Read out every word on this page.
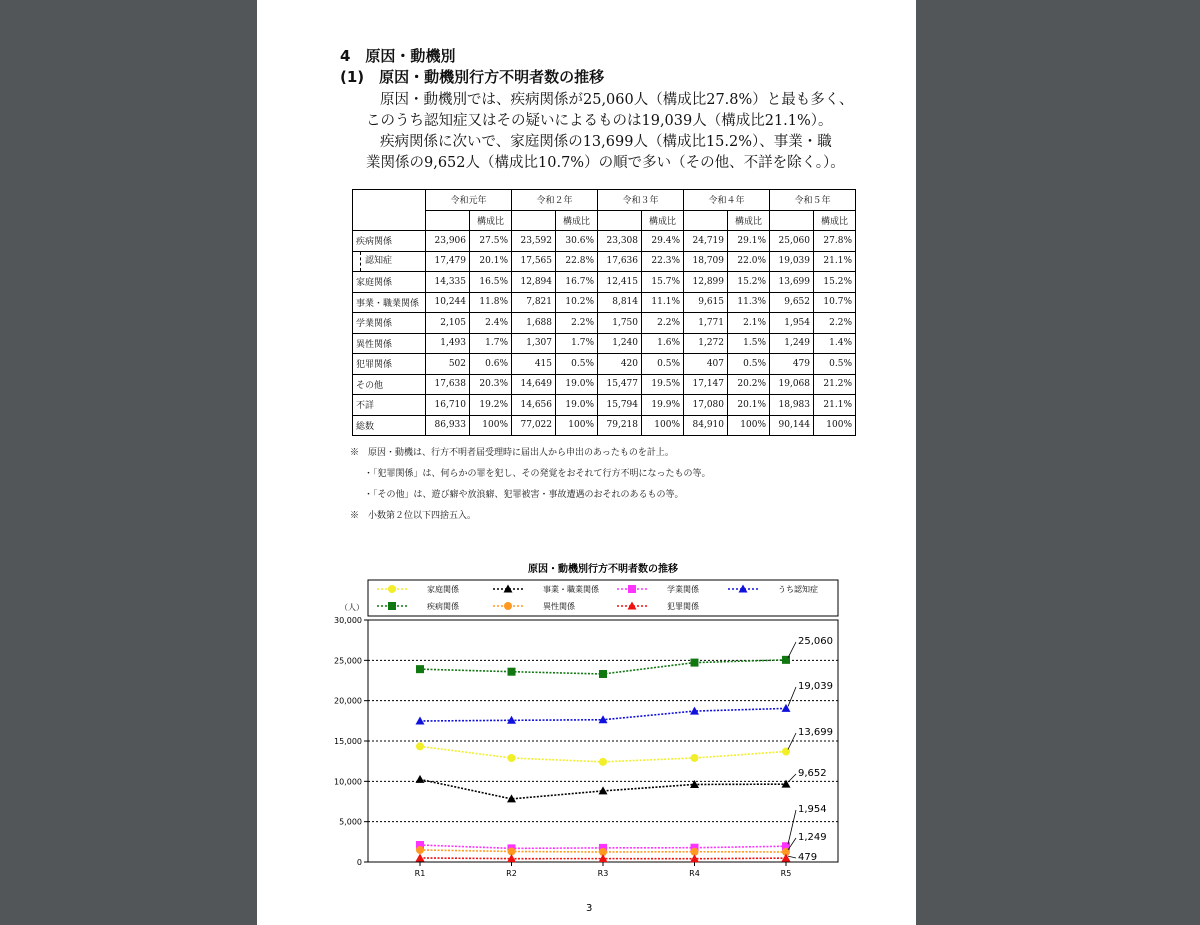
4　原因・動機別
(1)　原因・動機別行方不明者数の推移
原因・動機別では、疾病関係が25,060人（構成比27.8%）と最も多く、
このうち認知症又はその疑いによるものは19,039人（構成比21.1%）。
疾病関係に次いで、家庭関係の13,699人（構成比15.2%）、事業・職
業関係の9,652人（構成比10.7%）の順で多い（その他、不詳を除く。）。
	令和元年		令和２年		令和３年		令和４年		令和５年	
		構成比		構成比		構成比		構成比		構成比
疾病関係	23,906	27.5%	23,592	30.6%	23,308	29.4%	24,719	29.1%	25,060	27.8%
認知症	17,479	20.1%	17,565	22.8%	17,636	22.3%	18,709	22.0%	19,039	21.1%
家庭関係	14,335	16.5%	12,894	16.7%	12,415	15.7%	12,899	15.2%	13,699	15.2%
事業・職業関係	10,244	11.8%	7,821	10.2%	8,814	11.1%	9,615	11.3%	9,652	10.7%
学業関係	2,105	2.4%	1,688	2.2%	1,750	2.2%	1,771	2.1%	1,954	2.2%
異性関係	1,493	1.7%	1,307	1.7%	1,240	1.6%	1,272	1.5%	1,249	1.4%
犯罪関係	502	0.6%	415	0.5%	420	0.5%	407	0.5%	479	0.5%
その他	17,638	20.3%	14,649	19.0%	15,477	19.5%	17,147	20.2%	19,068	21.2%
不詳	16,710	19.2%	14,656	19.0%	15,794	19.9%	17,080	20.1%	18,983	21.1%
総数	86,933	100%	77,022	100%	79,218	100%	84,910	100%	90,144	100%
※　原因・動機は、行方不明者届受理時に届出人から申出のあったものを計上。
・「犯罪関係」は、何らかの罪を犯し、その発覚をおそれて行方不明になったもの等。
・「その他」は、遊び癖や放浪癖、犯罪被害・事故遭遇のおそれのあるもの等。
※　小数第２位以下四捨五入。
原因・動機別行方不明者数の推移
家庭関係	事業・職業関係	学業関係	うち認知症
疾病関係	異性関係	犯罪関係
（人）
0
5,000
10,000
15,000
20,000
25,000
30,000
R1	R2	R3	R4	R5
13,699
9,652
1,954
19,039
25,060
1,249
479
3
